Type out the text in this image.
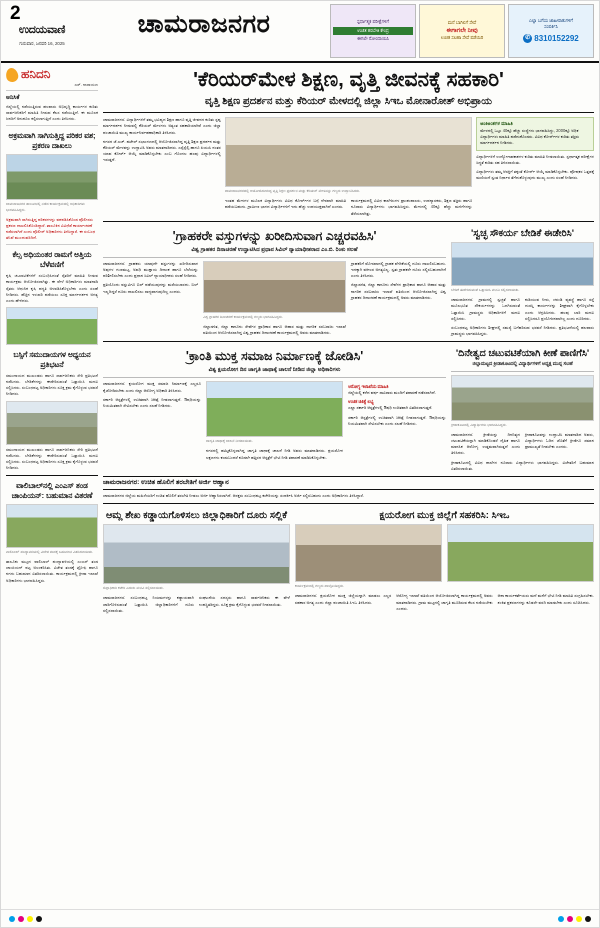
2
ಉದಯವಾಣಿ
ಗುರುವಾರ, ಜನವರಿ 16, 2025
ಚಾಮರಾಜನಗರ	ಸ್ಪರ್ಧಾತ್ಮಕ ಪರೀಕ್ಷೆಗಳಿಗೆ
ಉಚಿತ ತರಬೇತಿ ಕೇಂದ್ರ
ಈಗಲೇ ನೋಂದಾಯಿಸಿ
ಮನೆ ಬಾಗಿಲಿಗೆ ಸೇವೆ
ಈಗಾಗಲೇ ನೀವು
ಉಚಿತ ಸಲಹಾ ಸೇವೆ ಪಡೆಯಿರಿ
ಎಲ್ಲಾ ಬಗೆಯ ಜಾಹೀರಾತುಗಳಿಗೆ
ಸಂಪರ್ಕಿಸಿ
✆ 8310152292
ಹನಿದನಿ
ಎಸ್. ನಾರಾಯಣ
ಅನಿಸಿಕೆ
ಜಿಲ್ಲೆಯಲ್ಲಿ ನಡೆಯುತ್ತಿರುವ ಹಲವಾರು ಅಭಿವೃದ್ಧಿ ಕಾರ್ಯಗಳ ಕುರಿತು ಸಾರ್ವಜನಿಕರಿಗೆ ಮಾಹಿತಿ ನೀಡುವ ಕೆಲಸ ನಡೆಯುತ್ತಿದೆ. ಈ ಮೂಲಕ ಜನರಿಗೆ ಅನುಕೂಲ ಕಲ್ಪಿಸಲಾಗುತ್ತಿದೆ ಎಂದು ತಿಳಿಸಿದರು.
ಅಕ್ರಮವಾಗಿ ಸಾಗಿಸುತ್ತಿದ್ದ ಪರಿಕರ ವಶ; ಪ್ರಕರಣ ದಾಖಲು
ಚಾಮರಾಜನಗರ ತಾಲೂಕಿನಲ್ಲಿ ನಡೆದ ಕಾರ್ಯಕ್ರಮದಲ್ಲಿ ಅಧಿಕಾರಿಗಳು ಭಾಗವಹಿಸಿದ್ದರು.
ಅಕ್ರಮವಾಗಿ ಸಾಗಿಸುತ್ತಿದ್ದ ಪರಿಕರಗಳನ್ನು ವಶಪಡಿಸಿಕೊಂಡ ಪೊಲೀಸರು ಪ್ರಕರಣ ದಾಖಲಿಸಿಕೊಂಡಿದ್ದಾರೆ. ತಾಲೂಕಿನ ವಿವಿಧೆಡೆ ಕಾರ್ಯಾಚರಣೆ ನಡೆಸಲಾಗಿದೆ ಎಂದು ಪೊಲೀಸ್ ಅಧಿಕಾರಿಗಳು ತಿಳಿಸಿದ್ದಾರೆ. ಈ ಸಂಬಂಧ ತನಿಖೆ ಮುಂದುವರಿದಿದೆ.
ಕೆಲ್ಸ ಅಧಿಯಂತರ ರಾಮಗೆ ಅತ್ತಿಯ ಬೆಳೆವಣಿಗೆ
ಕೃಷಿ ಚಟುವಟಿಕೆಗಳಿಗೆ ಸಂಬಂಧಿಸಿದಂತೆ ರೈತರಿಗೆ ಮಾಹಿತಿ ನೀಡುವ ಕಾರ್ಯಕ್ರಮ ಆಯೋಜಿಸಲಾಗಿತ್ತು. ಈ ವೇಳೆ ಅಧಿಕಾರಿಗಳು ಮಾತನಾಡಿ ರೈತರು ಆಧುನಿಕ ಕೃಷಿ ಪದ್ಧತಿ ಅಳವಡಿಸಿಕೊಳ್ಳಬೇಕು ಎಂದು ಸಲಹೆ ನೀಡಿದರು. ಹೆಚ್ಚಿನ ಇಳುವರಿ ಪಡೆಯಲು ಸೂಕ್ತ ಮಾರ್ಗದರ್ಶನ ಅಗತ್ಯ ಎಂದು ಹೇಳಿದರು.
ಬಸ್ಸಿಗೆ ಸಮುದಾಯಗಳ ಅಧ್ಯಯನ ಪ್ರತಿಭಟನೆ
ಸಮುದಾಯದ ಮುಖಂಡರು ಹಾಗೂ ಸಾರ್ವಜನಿಕರು ಸೇರಿ ಪ್ರತಿಭಟನೆ ನಡೆಸಿದರು. ಬೇಡಿಕೆಗಳನ್ನು ಈಡೇರಿಸುವಂತೆ ಒತ್ತಾಯಿಸಿ ಮನವಿ ಸಲ್ಲಿಸಿದರು. ಸಂಬಂಧಪಟ್ಟ ಅಧಿಕಾರಿಗಳು ಸೂಕ್ತ ಕ್ರಮ ಕೈಗೊಳ್ಳುವ ಭರವಸೆ ನೀಡಿದರು.
ಸಮುದಾಯದ ಮುಖಂಡರು ಹಾಗೂ ಸಾರ್ವಜನಿಕರು ಸೇರಿ ಪ್ರತಿಭಟನೆ ನಡೆಸಿದರು. ಬೇಡಿಕೆಗಳನ್ನು ಈಡೇರಿಸುವಂತೆ ಒತ್ತಾಯಿಸಿ ಮನವಿ ಸಲ್ಲಿಸಿದರು. ಸಂಬಂಧಪಟ್ಟ ಅಧಿಕಾರಿಗಳು ಸೂಕ್ತ ಕ್ರಮ ಕೈಗೊಳ್ಳುವ ಭರವಸೆ ನೀಡಿದರು.
ವಾಲಿಬಾಲ್‌ನಲ್ಲಿ ಎಂಎಸ್ ತಂಡ ಚಾಂಪಿಯನ್: ಬಹುಮಾನ ವಿತರಣೆ
ವಾಲಿಬಾಲ್ ಪಂದ್ಯಾವಳಿಯಲ್ಲಿ ವಿಜೇತ ತಂಡಕ್ಕೆ ಬಹುಮಾನ ವಿತರಿಸಲಾಯಿತು.
ತಾಲೂಕು ಮಟ್ಟದ ವಾಲಿಬಾಲ್ ಪಂದ್ಯಾವಳಿಯಲ್ಲಿ ಎಂಎಸ್ ತಂಡ ಚಾಂಪಿಯನ್ ಪಟ್ಟ ಅಲಂಕರಿಸಿತು. ವಿಜೇತ ತಂಡಕ್ಕೆ ಟ್ರೋಫಿ ಹಾಗೂ ನಗದು ಬಹುಮಾನ ವಿತರಿಸಲಾಯಿತು. ಕಾರ್ಯಕ್ರಮದಲ್ಲಿ ಕ್ರೀಡಾ ಇಲಾಖೆ ಅಧಿಕಾರಿಗಳು ಭಾಗವಹಿಸಿದ್ದರು.
'ಕೆರಿಯರ್‌ಮೇಳ ಶಿಕ್ಷಣ, ವೃತ್ತಿ ಜೀವನಕ್ಕೆ ಸಹಕಾರಿ'
ವೃತ್ತಿ ಶಿಕ್ಷಣ ಪ್ರದರ್ಶನ ಮತ್ತು ಕೆರಿಯರ್ ಮೇಳದಲ್ಲಿ ಜಿಲ್ಲಾ ಸಿಇಒ ಮೋನಾರೋತ್ ಅಭಿಪ್ರಾಯ
ಚಾಮರಾಜನಗರ: ವಿದ್ಯಾರ್ಥಿಗಳಿಗೆ ತಮ್ಮ ಭವಿಷ್ಯದ ಶಿಕ್ಷಣ ಹಾಗೂ ವೃತ್ತಿ ಜೀವನದ ಕುರಿತು ಸ್ಪಷ್ಟ ಮಾರ್ಗದರ್ಶನ ನೀಡುವಲ್ಲಿ ಕೆರಿಯರ್ ಮೇಳಗಳು ಅತ್ಯಂತ ಸಹಕಾರಿಯಾಗಿವೆ ಎಂದು ಜಿಲ್ಲಾ ಪಂಚಾಯಿತಿ ಮುಖ್ಯ ಕಾರ್ಯನಿರ್ವಹಣಾಧಿಕಾರಿ ತಿಳಿಸಿದರು.
ನಗರದ ಜೆ.ಎಚ್. ಪಟೇಲ್ ಸಭಾಂಗಣದಲ್ಲಿ ಆಯೋಜಿಸಲಾಗಿದ್ದ ವೃತ್ತಿ ಶಿಕ್ಷಣ ಪ್ರದರ್ಶನ ಮತ್ತು ಕೆರಿಯರ್ ಮೇಳವನ್ನು ಉದ್ಘಾಟಿಸಿ ಅವರು ಮಾತನಾಡಿದರು. ಎಸ್ಸೆಸ್ಸೆಲ್ಸಿ ಹಾಗೂ ಪಿಯುಸಿ ನಂತರ ಯಾವ ಕೋರ್ಸ್ ಆಯ್ಕೆ ಮಾಡಿಕೊಳ್ಳಬೇಕು ಎಂಬ ಗೊಂದಲ ಹಲವು ವಿದ್ಯಾರ್ಥಿಗಳಲ್ಲಿ ಇರುತ್ತದೆ.
ಚಾಮರಾಜನಗರದಲ್ಲಿ ಆಯೋಜಿಸಲಾಗಿದ್ದ ವೃತ್ತಿ ಶಿಕ್ಷಣ ಪ್ರದರ್ಶನ ಮತ್ತು ಕೆರಿಯರ್ ಮೇಳವನ್ನು ಗಣ್ಯರು ಉದ್ಘಾಟಿಸಿದರು.
ಇಂತಹ ಮೇಳಗಳ ಮೂಲಕ ವಿದ್ಯಾರ್ಥಿಗಳು ವಿವಿಧ ಕೋರ್ಸ್‌ಗಳ ಬಗ್ಗೆ ನೇರವಾಗಿ ಮಾಹಿತಿ ಪಡೆಯಬಹುದು. ಗ್ರಾಮೀಣ ಭಾಗದ ವಿದ್ಯಾರ್ಥಿಗಳಿಗೆ ಇದು ಹೆಚ್ಚು ಉಪಯುಕ್ತವಾಗಿದೆ ಎಂದರು.
ಕಾರ್ಯಕ್ರಮದಲ್ಲಿ ವಿವಿಧ ಕಾಲೇಜುಗಳ ಪ್ರಾಂಶುಪಾಲರು, ಉಪನ್ಯಾಸಕರು, ಶಿಕ್ಷಣ ತಜ್ಞರು ಹಾಗೂ ನೂರಾರು ವಿದ್ಯಾರ್ಥಿಗಳು ಭಾಗವಹಿಸಿದ್ದರು. ಮೇಳದಲ್ಲಿ 40ಕ್ಕೂ ಹೆಚ್ಚು ಮಳಿಗೆಗಳನ್ನು ತೆರೆಯಲಾಗಿತ್ತು.
ಅಂಕಿಅಂಶಗಳ ಮಾಹಿತಿ
ಮೇಳದಲ್ಲಿ ಒಟ್ಟು 40ಕ್ಕೂ ಹೆಚ್ಚು ಸಂಸ್ಥೆಗಳು ಭಾಗವಹಿಸಿದ್ದು, 2000ಕ್ಕೂ ಅಧಿಕ ವಿದ್ಯಾರ್ಥಿಗಳು ಮಾಹಿತಿ ಪಡೆದುಕೊಂಡರು. ವಿವಿಧ ಕೋರ್ಸ್‌ಗಳ ಕುರಿತು ತಜ್ಞರು ಮಾರ್ಗದರ್ಶನ ನೀಡಿದರು.
ವಿದ್ಯಾರ್ಥಿಗಳಿಗೆ ಉದ್ಯೋಗಾವಕಾಶಗಳ ಕುರಿತು ಮಾಹಿತಿ ನೀಡಲಾಯಿತು. ಸ್ಪರ್ಧಾತ್ಮಕ ಪರೀಕ್ಷೆಗಳ ಸಿದ್ಧತೆ ಕುರಿತು ಸಹ ತಿಳಿಸಲಾಯಿತು.
ವಿದ್ಯಾರ್ಥಿಗಳು ತಮ್ಮ ಆಸಕ್ತಿಗೆ ತಕ್ಕಂತೆ ಕೋರ್ಸ್ ಆಯ್ಕೆ ಮಾಡಿಕೊಳ್ಳಬೇಕು. ಪೋಷಕರ ಒತ್ತಡಕ್ಕೆ ಮಣಿಯದೆ ಸ್ವಂತ ನಿರ್ಧಾರ ತೆಗೆದುಕೊಳ್ಳುವುದು ಮುಖ್ಯ ಎಂದು ಸಲಹೆ ನೀಡಿದರು.
'ಗ್ರಾಹಕರೇ ವಸ್ತುಗಳನ್ನು ಖರೀದಿಸುವಾಗ ಎಚ್ಚರವಹಿಸಿ'
ವಿಶ್ವ ಗ್ರಾಹಕರ ದಿನಾಚರಣೆ ಉದ್ಘಾಟಿಸಿದ ಪ್ರಧಾನ ಸಿವಿಲ್ ನ್ಯಾಯಾಧೀಶರಾದ ಎಂ.ಬಿ. ರಿಂಕು ಸಲಹೆ
ಚಾಮರಾಜನಗರ: ಗ್ರಾಹಕರು ಯಾವುದೇ ವಸ್ತುಗಳನ್ನು ಖರೀದಿಸುವಾಗ ಅವುಗಳ ಗುಣಮಟ್ಟ, ಅವಧಿ ಮುಕ್ತಾಯ ದಿನಾಂಕ ಹಾಗೂ ಬೆಲೆಯನ್ನು ಪರಿಶೀಲಿಸಬೇಕು ಎಂದು ಪ್ರಧಾನ ಸಿವಿಲ್ ನ್ಯಾಯಾಧೀಶರು ಸಲಹೆ ನೀಡಿದರು.
ಪ್ರತಿಯೊಂದು ವಸ್ತುವಿಗೂ ಬಿಲ್ ಪಡೆಯುವುದನ್ನು ಮರೆಯಬಾರದು. ಬಿಲ್ ಇಲ್ಲದಿದ್ದರೆ ದೂರು ದಾಖಲಿಸಲು ಸಾಧ್ಯವಾಗುವುದಿಲ್ಲ ಎಂದರು.
ವಿಶ್ವ ಗ್ರಾಹಕರ ದಿನಾಚರಣೆ ಕಾರ್ಯಕ್ರಮದಲ್ಲಿ ಗಣ್ಯರು ಭಾಗವಹಿಸಿದ್ದರು.
ಜಿಲ್ಲಾಡಳಿತ, ಜಿಲ್ಲಾ ಕಾನೂನು ಸೇವೆಗಳ ಪ್ರಾಧಿಕಾರ ಹಾಗೂ ಆಹಾರ ಮತ್ತು ನಾಗರಿಕ ಸರಬರಾಜು ಇಲಾಖೆ ವತಿಯಿಂದ ಆಯೋಜಿಸಲಾಗಿದ್ದ ವಿಶ್ವ ಗ್ರಾಹಕರ ದಿನಾಚರಣೆ ಕಾರ್ಯಕ್ರಮದಲ್ಲಿ ಅವರು ಮಾತನಾಡಿದರು.
ಗ್ರಾಹಕರಿಗೆ ಮೋಸವಾದಲ್ಲಿ ಗ್ರಾಹಕ ವೇದಿಕೆಯಲ್ಲಿ ದೂರು ದಾಖಲಿಸಬಹುದು. ಇದಕ್ಕಾಗಿ ವಕೀಲರ ಅಗತ್ಯವಿಲ್ಲ. ಸ್ವತಃ ಗ್ರಾಹಕರೇ ದೂರು ಸಲ್ಲಿಸಬಹುದಾಗಿದೆ ಎಂದು ತಿಳಿಸಿದರು.
ಜಿಲ್ಲಾಡಳಿತ, ಜಿಲ್ಲಾ ಕಾನೂನು ಸೇವೆಗಳ ಪ್ರಾಧಿಕಾರ ಹಾಗೂ ಆಹಾರ ಮತ್ತು ನಾಗರಿಕ ಸರಬರಾಜು ಇಲಾಖೆ ವತಿಯಿಂದ ಆಯೋಜಿಸಲಾಗಿದ್ದ ವಿಶ್ವ ಗ್ರಾಹಕರ ದಿನಾಚರಣೆ ಕಾರ್ಯಕ್ರಮದಲ್ಲಿ ಅವರು ಮಾತನಾಡಿದರು.
'ಸ್ವಚ್ಛ ಸೌಕರ್ಯ ಬೇಡಿಕೆ ಈಡೇರಿಸಿ'
ಬೇಡಿಕೆ ಈಡೇರಿಸುವಂತೆ ಒತ್ತಾಯಿಸಿ ಮನವಿ ಸಲ್ಲಿಸಲಾಯಿತು.
ಚಾಮರಾಜನಗರ: ಗ್ರಾಮದಲ್ಲಿ ಸ್ವಚ್ಛತೆ ಹಾಗೂ ಮೂಲಭೂತ ಸೌಕರ್ಯಗಳನ್ನು ಒದಗಿಸುವಂತೆ ಒತ್ತಾಯಿಸಿ ಗ್ರಾಮಸ್ಥರು ಅಧಿಕಾರಿಗಳಿಗೆ ಮನವಿ ಸಲ್ಲಿಸಿದರು.
ಕುಡಿಯುವ ನೀರು, ಚರಂಡಿ ವ್ಯವಸ್ಥೆ ಹಾಗೂ ರಸ್ತೆ ದುರಸ್ತಿ ಕಾರ್ಯಗಳನ್ನು ಶೀಘ್ರವಾಗಿ ಕೈಗೊಳ್ಳಬೇಕು ಎಂದು ಆಗ್ರಹಿಸಿದರು. ಹಲವು ಬಾರಿ ಮನವಿ ಸಲ್ಲಿಸಿದರೂ ಪ್ರಯೋಜನವಾಗಿಲ್ಲ ಎಂದು ದೂರಿದರು.
ಸಂಬಂಧಪಟ್ಟ ಅಧಿಕಾರಿಗಳು ಶೀಘ್ರದಲ್ಲಿ ಸಮಸ್ಯೆ ಬಗೆಹರಿಸುವ ಭರವಸೆ ನೀಡಿದರು. ಪ್ರತಿಭಟನೆಯಲ್ಲಿ ಹಲವಾರು ಗ್ರಾಮಸ್ಥರು ಭಾಗವಹಿಸಿದ್ದರು.
'ಕ್ರಾಂತಿ ಮುಕ್ತ ಸಮಾಜ ನಿರ್ಮಾಣಕ್ಕೆ ಜೋಡಿಸಿ'
ವಿಶ್ವ ಕ್ಷಯರೋಗ ದಿನ ಜಾಗೃತಿ ಜಾಥಾಕ್ಕೆ ಚಾಲನೆ ನೀಡಿದ ಜಿಲ್ಲಾ ಅಧಿಕಾರಿಗಳು
ಚಾಮರಾಜನಗರ: ಕ್ಷಯರೋಗ ಮುಕ್ತ ಸಮಾಜ ನಿರ್ಮಾಣಕ್ಕೆ ಎಲ್ಲರೂ ಕೈಜೋಡಿಸಬೇಕು ಎಂದು ಜಿಲ್ಲಾ ಆರೋಗ್ಯ ಅಧಿಕಾರಿ ತಿಳಿಸಿದರು.
ಸರ್ಕಾರಿ ಆಸ್ಪತ್ರೆಗಳಲ್ಲಿ ಉಚಿತವಾಗಿ ಚಿಕಿತ್ಸೆ ನೀಡಲಾಗುತ್ತದೆ. ಔಷಧಿಯನ್ನು ನಿಯಮಿತವಾಗಿ ಸೇವಿಸಬೇಕು ಎಂದು ಸಲಹೆ ನೀಡಿದರು.
ಜಾಗೃತಿ ಜಾಥಾಕ್ಕೆ ಚಾಲನೆ ನೀಡಲಾಯಿತು.
ನಗರದಲ್ಲಿ ಹಮ್ಮಿಕೊಳ್ಳಲಾಗಿದ್ದ ಜಾಗೃತಿ ಜಾಥಾಕ್ಕೆ ಚಾಲನೆ ನೀಡಿ ಅವರು ಮಾತನಾಡಿದರು. ಕ್ಷಯರೋಗ ಲಕ್ಷಣಗಳು ಕಂಡುಬಂದರೆ ಕೂಡಲೇ ಹತ್ತಿರದ ಆಸ್ಪತ್ರೆಗೆ ಭೇಟಿ ನೀಡಿ ತಪಾಸಣೆ ಮಾಡಿಸಿಕೊಳ್ಳಬೇಕು.
ಆರೋಗ್ಯ ಇಲಾಖೆಯ ಮಾಹಿತಿ
ಜಿಲ್ಲೆಯಲ್ಲಿ ಕಳೆದ ವರ್ಷ ಸಾವಿರಾರು ಮಂದಿಗೆ ತಪಾಸಣೆ ನಡೆಸಲಾಗಿದೆ.
ಉಚಿತ ಚಿಕಿತ್ಸೆ ಲಭ್ಯ
ಎಲ್ಲಾ ಸರ್ಕಾರಿ ಆಸ್ಪತ್ರೆಗಳಲ್ಲಿ ಔಷಧಿ ಉಚಿತವಾಗಿ ವಿತರಿಸಲಾಗುತ್ತದೆ.
ಸರ್ಕಾರಿ ಆಸ್ಪತ್ರೆಗಳಲ್ಲಿ ಉಚಿತವಾಗಿ ಚಿಕಿತ್ಸೆ ನೀಡಲಾಗುತ್ತದೆ. ಔಷಧಿಯನ್ನು ನಿಯಮಿತವಾಗಿ ಸೇವಿಸಬೇಕು ಎಂದು ಸಲಹೆ ನೀಡಿದರು.
'ದಿನೇತ್ವದ ಚಟುವಟಿಕೆಯಾಗಿ ಕೀಣೆ ಪಾಣಿಗೆಸಿ'
ಜಿಲ್ಲಾಮಟ್ಟದ ಕ್ರೀಡಾಕೂಟದಲ್ಲಿ ವಿದ್ಯಾರ್ಥಿಗಳಿಗೆ ಅಧ್ಯಕ್ಷ ಮುನ್ನ ಸಲಹೆ
ಕ್ರೀಡಾಕೂಟದಲ್ಲಿ ವಿದ್ಯಾರ್ಥಿಗಳು ಭಾಗವಹಿಸಿದ್ದರು.
ಚಾಮರಾಜನಗರ: ಕ್ರೀಡೆಯನ್ನು ದಿನನಿತ್ಯದ ಚಟುವಟಿಕೆಯನ್ನಾಗಿ ಮಾಡಿಕೊಂಡರೆ ದೈಹಿಕ ಹಾಗೂ ಮಾನಸಿಕ ಆರೋಗ್ಯ ಉತ್ತಮವಾಗಿರುತ್ತದೆ ಎಂದು ತಿಳಿಸಿದರು.
ಕ್ರೀಡಾಕೂಟವನ್ನು ಉದ್ಘಾಟಿಸಿ ಮಾತನಾಡಿದ ಅವರು, ವಿದ್ಯಾರ್ಥಿಗಳು ಓದಿನ ಜೊತೆಗೆ ಕ್ರೀಡೆಗೂ ಸಮಾನ ಪ್ರಾಮುಖ್ಯತೆ ನೀಡಬೇಕು ಎಂದರು.
ಕ್ರೀಡಾಕೂಟದಲ್ಲಿ ವಿವಿಧ ಶಾಲೆಗಳ ನೂರಾರು ವಿದ್ಯಾರ್ಥಿಗಳು ಭಾಗವಹಿಸಿದ್ದರು. ವಿಜೇತರಿಗೆ ಬಹುಮಾನ ವಿತರಿಸಲಾಯಿತು.
ಚಾಮರಾಜನಗರ: ಉಚಿತ ಹೊಲಿಗೆ ತರಬೇತಿಗೆ ಅರ್ಜಿ ಆಹ್ವಾನ
ಚಾಮರಾಜನಗರ ಜಿಲ್ಲೆಯ ಮಹಿಳೆಯರಿಗೆ ಉಚಿತ ಹೊಲಿಗೆ ತರಬೇತಿ ನೀಡಲು ಅರ್ಜಿ ಆಹ್ವಾನಿಸಲಾಗಿದೆ. ಆಸಕ್ತರು ಸಂಬಂಧಪಟ್ಟ ಕಚೇರಿಯನ್ನು ಸಂಪರ್ಕಿಸಿ ಅರ್ಜಿ ಸಲ್ಲಿಸಬಹುದು ಎಂದು ಅಧಿಕಾರಿಗಳು ತಿಳಿಸಿದ್ದಾರೆ.
ಆಮ್ಲ ಶೇಖ ಕಡ್ಡಾಯಗೊಳಿಸಲು ಜಿಲ್ಲಾಧಿಕಾರಿಗೆ ದೂರು ಸಲ್ಲಿಕೆ
ಜಿಲ್ಲಾಧಿಕಾರಿ ಕಚೇರಿ ಎದುರು ಮನವಿ ಸಲ್ಲಿಸಲಾಯಿತು.
ಚಾಮರಾಜನಗರ: ಸಂಬಂಧಪಟ್ಟ ನಿಯಮಗಳನ್ನು ಕಡ್ಡಾಯವಾಗಿ ಜಾರಿಗೊಳಿಸುವಂತೆ ಒತ್ತಾಯಿಸಿ ಜಿಲ್ಲಾಧಿಕಾರಿಗಳಿಗೆ ದೂರು ಸಲ್ಲಿಸಲಾಯಿತು.
ಸಂಘಟನೆಯ ಸದಸ್ಯರು ಹಾಗೂ ಸಾರ್ವಜನಿಕರು ಈ ವೇಳೆ ಉಪಸ್ಥಿತರಿದ್ದರು. ಸೂಕ್ತ ಕ್ರಮ ಕೈಗೊಳ್ಳುವ ಭರವಸೆ ನೀಡಲಾಯಿತು.
ಕ್ಷಯರೋಗ ಮುಕ್ತ ಜಿಲ್ಲೆಗೆ ಸಹಕರಿಸಿ: ಸಿಇಒ
ಕಾರ್ಯಕ್ರಮದಲ್ಲಿ ಗಣ್ಯರು ಪಾಲ್ಗೊಂಡಿದ್ದರು.
ಚಾಮರಾಜನಗರ: ಕ್ಷಯರೋಗ ಮುಕ್ತ ಜಿಲ್ಲೆಯನ್ನಾಗಿ ಮಾಡಲು ಎಲ್ಲರ ಸಹಕಾರ ಅಗತ್ಯ ಎಂದು ಜಿಲ್ಲಾ ಪಂಚಾಯಿತಿ ಸಿಇಒ ತಿಳಿಸಿದರು.
ಆರೋಗ್ಯ ಇಲಾಖೆ ವತಿಯಿಂದ ಆಯೋಜಿಸಲಾಗಿದ್ದ ಕಾರ್ಯಕ್ರಮದಲ್ಲಿ ಅವರು ಮಾತನಾಡಿದರು. ಗ್ರಾಮ ಮಟ್ಟದಲ್ಲಿ ಜಾಗೃತಿ ಮೂಡಿಸುವ ಕೆಲಸ ನಡೆಯಬೇಕು ಎಂದರು.
ಆಶಾ ಕಾರ್ಯಕರ್ತೆಯರು ಮನೆ ಮನೆಗೆ ಭೇಟಿ ನೀಡಿ ಮಾಹಿತಿ ಸಂಗ್ರಹಿಸಬೇಕು. ಶಂಕಿತ ಪ್ರಕರಣಗಳನ್ನು ಕೂಡಲೇ ವರದಿ ಮಾಡಬೇಕು ಎಂದು ಸೂಚಿಸಿದರು.
